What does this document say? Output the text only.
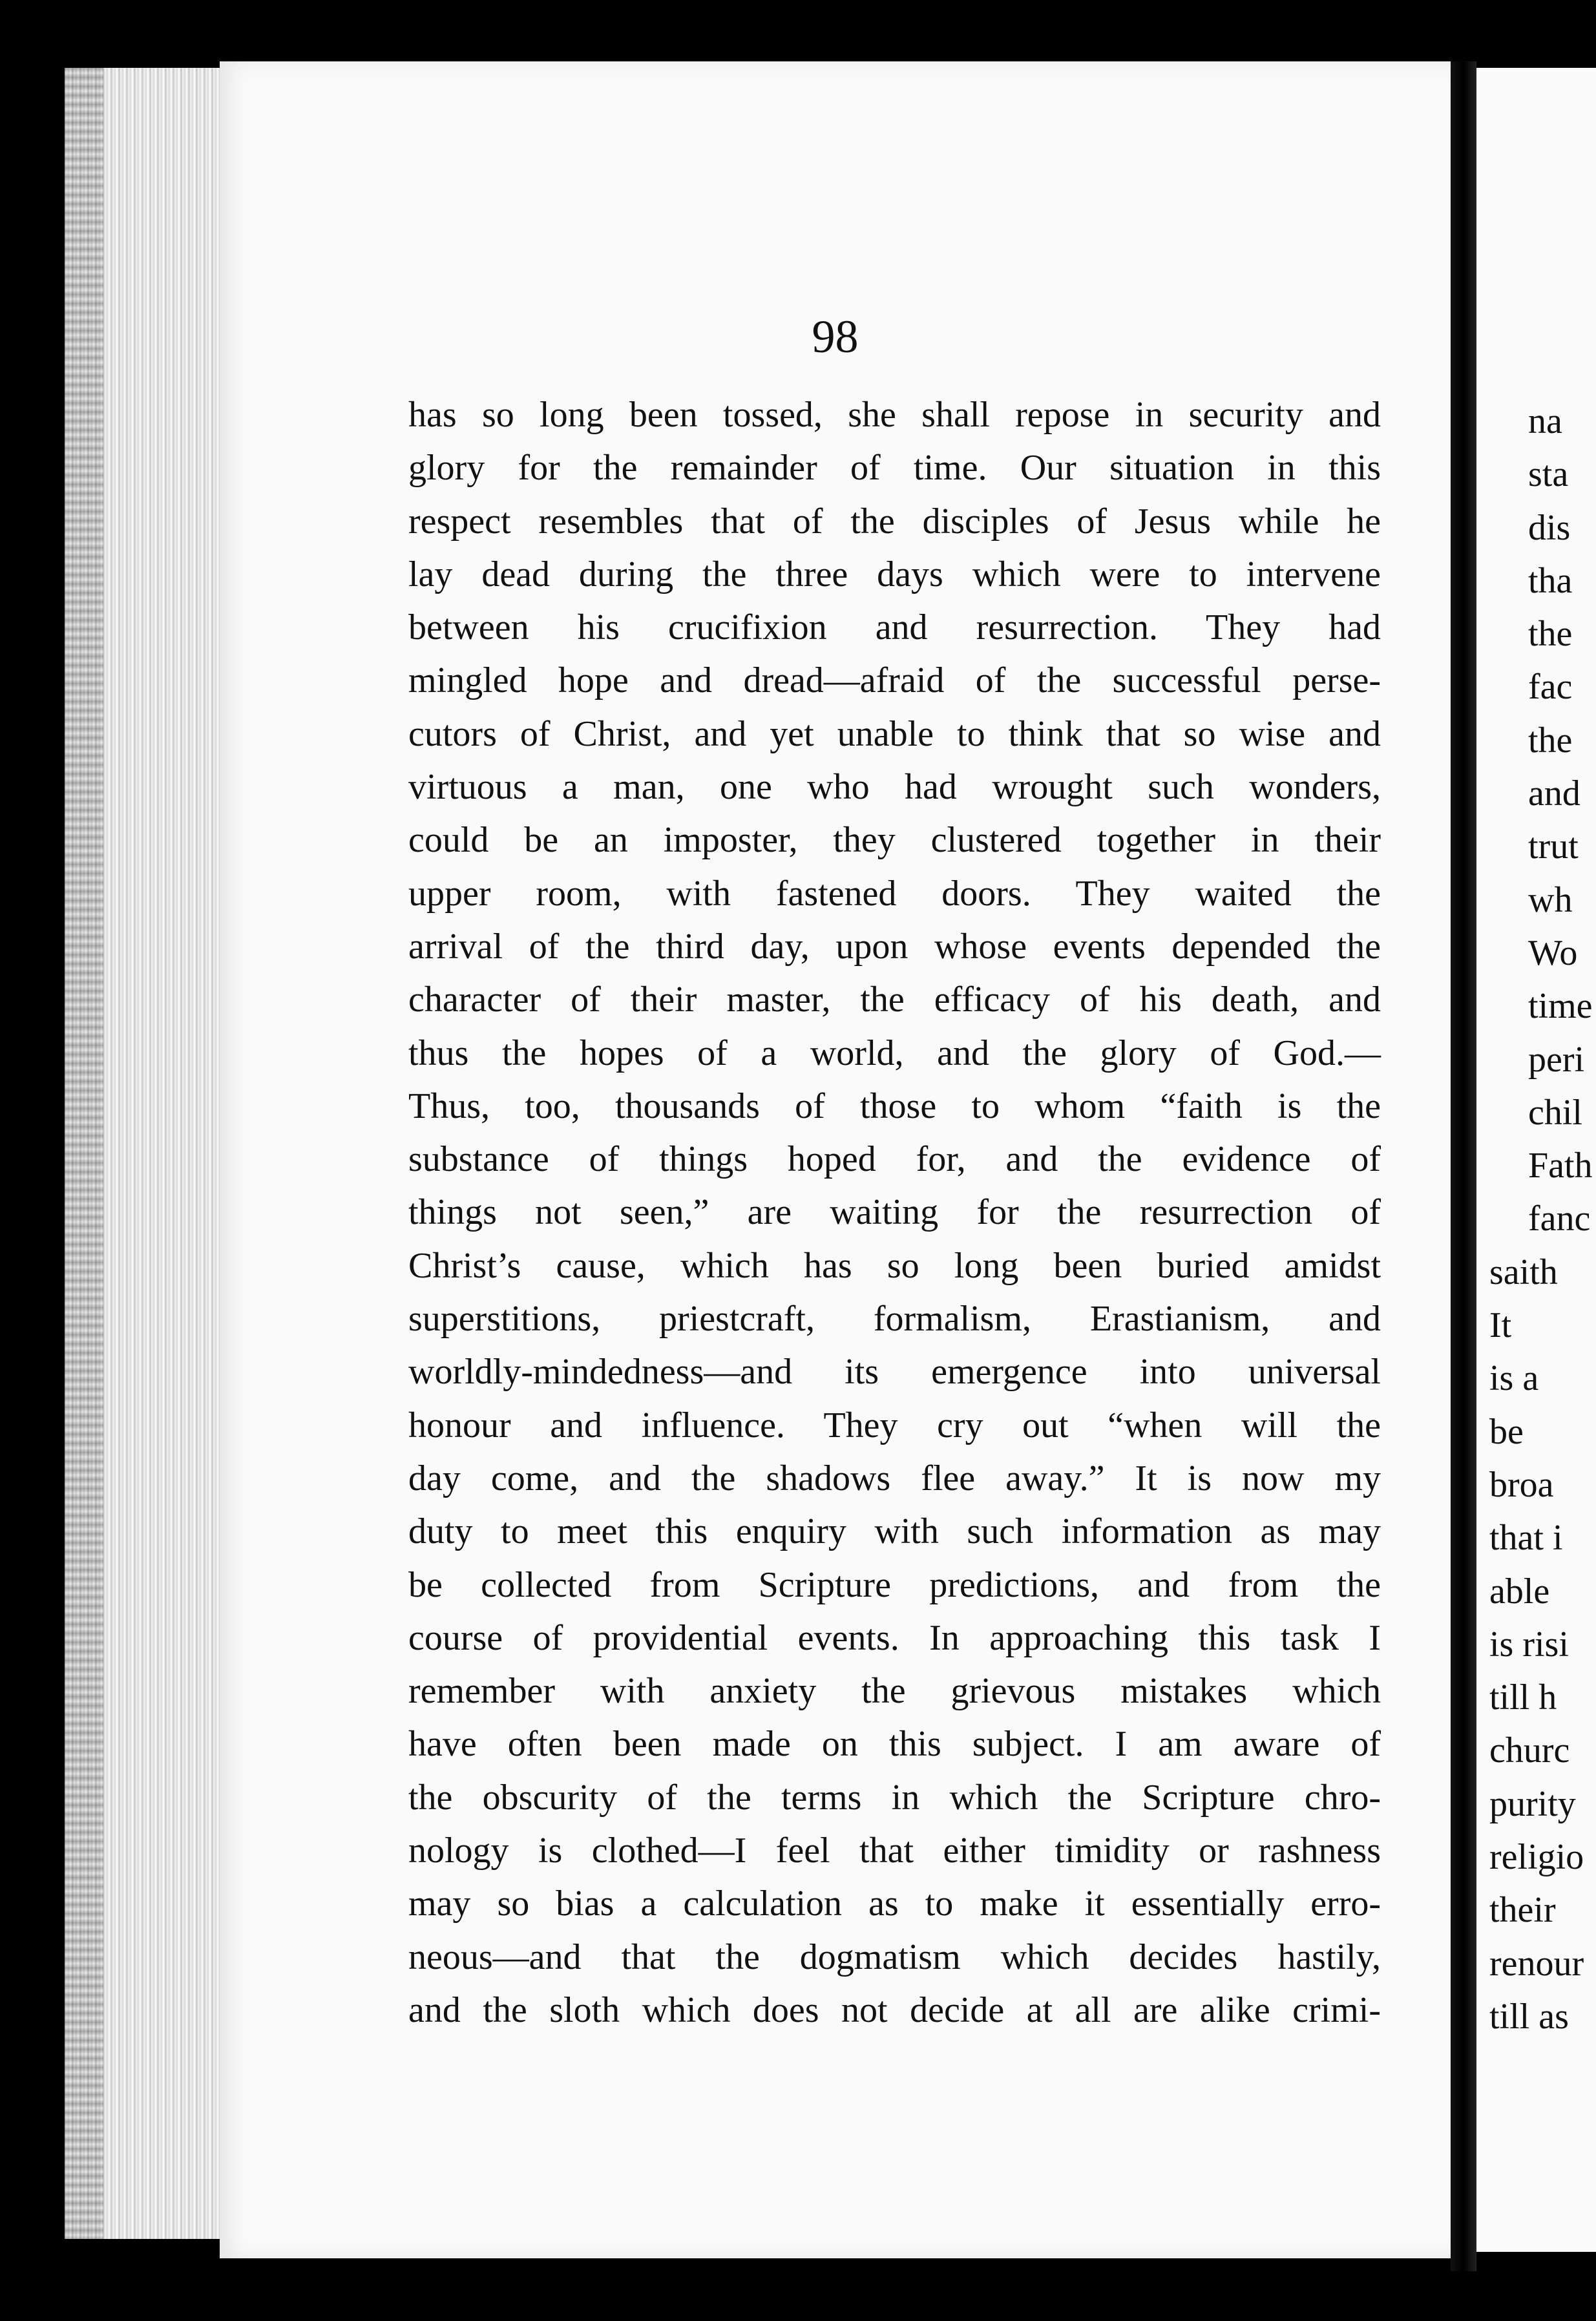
98
has so long been tossed, she shall repose in security and
glory for the remainder of time. Our situation in this
respect resembles that of the disciples of Jesus while he
lay dead during the three days which were to intervene
between his crucifixion and resurrection. They had
mingled hope and dread—afraid of the successful perse-
cutors of Christ, and yet unable to think that so wise and
virtuous a man, one who had wrought such wonders,
could be an imposter, they clustered together in their
upper room, with fastened doors. They waited the
arrival of the third day, upon whose events depended the
character of their master, the efficacy of his death, and
thus the hopes of a world, and the glory of God.—
Thus, too, thousands of those to whom “faith is the
substance of things hoped for, and the evidence of
things not seen,” are waiting for the resurrection of
Christ’s cause, which has so long been buried amidst
superstitions, priestcraft, formalism, Erastianism, and
worldly-mindedness—and its emergence into universal
honour and influence. They cry out “when will the
day come, and the shadows flee away.” It is now my
duty to meet this enquiry with such information as may
be collected from Scripture predictions, and from the
course of providential events. In approaching this task I
remember with anxiety the grievous mistakes which
have often been made on this subject. I am aware of
the obscurity of the terms in which the Scripture chro-
nology is clothed—I feel that either timidity or rashness
may so bias a calculation as to make it essentially erro-
neous—and that the dogmatism which decides hastily,
and the sloth which does not decide at all are alike crimi-
na
sta
dis
tha
the
fac
the
and
trut
wh
Wo
time
peri
chil
Fath
fanc
saith
It
is a
be
broa
that i
able
is risi
till h
churc
purity
religio
their
renour
till as
